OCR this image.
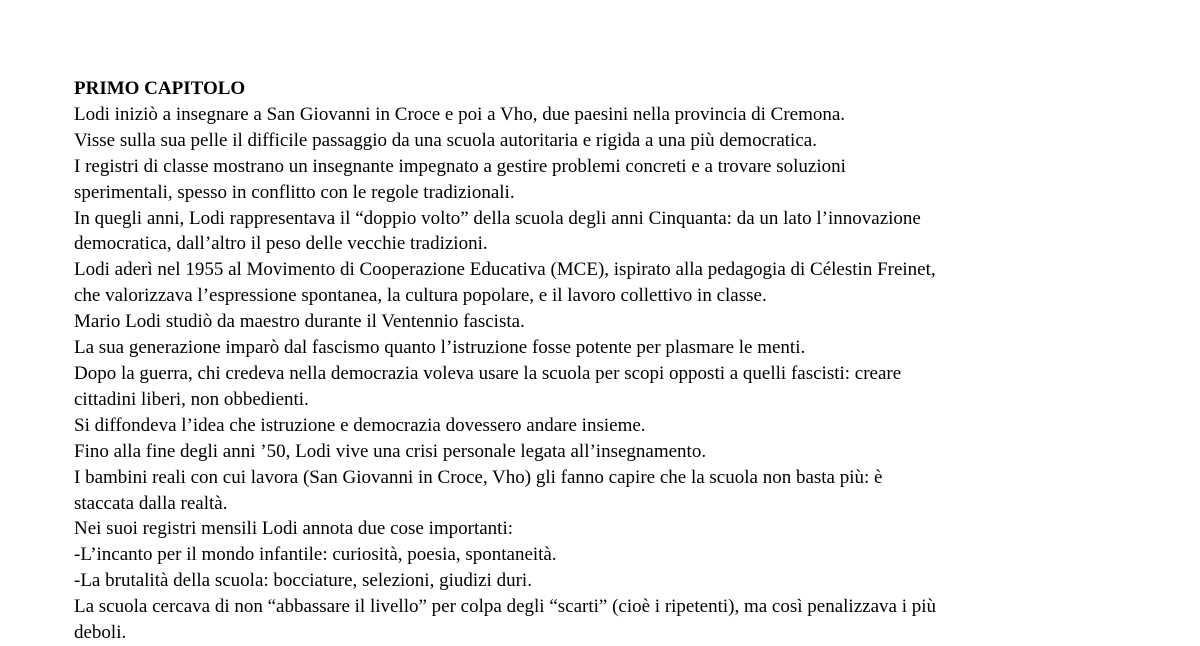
PRIMO CAPITOLO

Lodi iniziò a insegnare a San Giovanni in Croce e poi a Vho, due paesini nella provincia di Cremona.

Visse sulla sua pelle il difficile passaggio da una scuola autoritaria e rigida a una più democratica.

I registri di classe mostrano un insegnante impegnato a gestire problemi concreti e a trovare soluzioni

sperimentali, spesso in conflitto con le regole tradizionali.

In quegli anni, Lodi rappresentava il “doppio volto” della scuola degli anni Cinquanta: da un lato l’innovazione

democratica, dall’altro il peso delle vecchie tradizioni.

Lodi aderì nel 1955 al Movimento di Cooperazione Educativa (MCE), ispirato alla pedagogia di Célestin Freinet,

che valorizzava l’espressione spontanea, la cultura popolare, e il lavoro collettivo in classe.

Mario Lodi studiò da maestro durante il Ventennio fascista.

La sua generazione imparò dal fascismo quanto l’istruzione fosse potente per plasmare le menti.

Dopo la guerra, chi credeva nella democrazia voleva usare la scuola per scopi opposti a quelli fascisti: creare

cittadini liberi, non obbedienti.

Si diffondeva l’idea che istruzione e democrazia dovessero andare insieme.

Fino alla fine degli anni ’50, Lodi vive una crisi personale legata all’insegnamento.

I bambini reali con cui lavora (San Giovanni in Croce, Vho) gli fanno capire che la scuola non basta più: è

staccata dalla realtà.

Nei suoi registri mensili Lodi annota due cose importanti:

-L’incanto per il mondo infantile: curiosità, poesia, spontaneità.

-La brutalità della scuola: bocciature, selezioni, giudizi duri.

La scuola cercava di non “abbassare il livello” per colpa degli “scarti” (cioè i ripetenti), ma così penalizzava i più

deboli.
